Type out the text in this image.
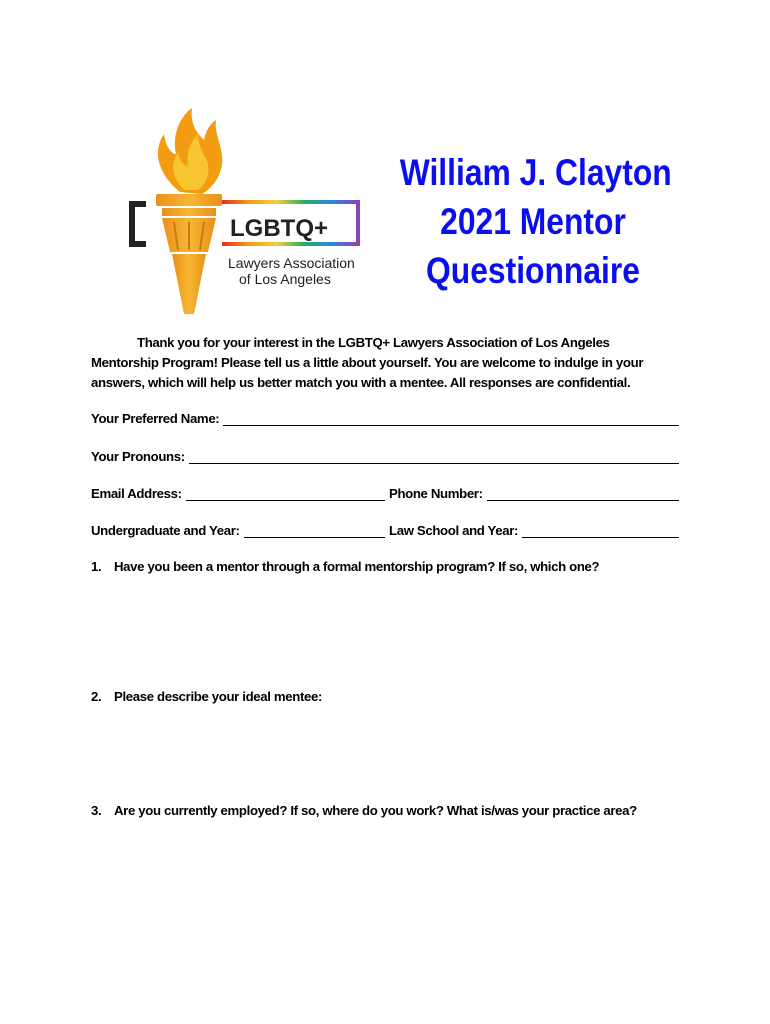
LGBTQ+
Lawyers Association
of Los Angeles
William J. Clayton
2021 Mentor
Questionnaire

Thank you for your interest in the LGBTQ+ Lawyers Association of Los Angeles Mentorship Program! Please tell us a little about yourself. You are welcome to indulge in your answers, which will help us better match you with a mentee. All responses are confidential.

Your Preferred Name:
Your Pronouns:
Email Address:	Phone Number:
Undergraduate and Year:	Law School and Year:
1. Have you been a mentor through a formal mentorship program? If so, which one?
2. Please describe your ideal mentee:
3. Are you currently employed? If so, where do you work? What is/was your practice area?
